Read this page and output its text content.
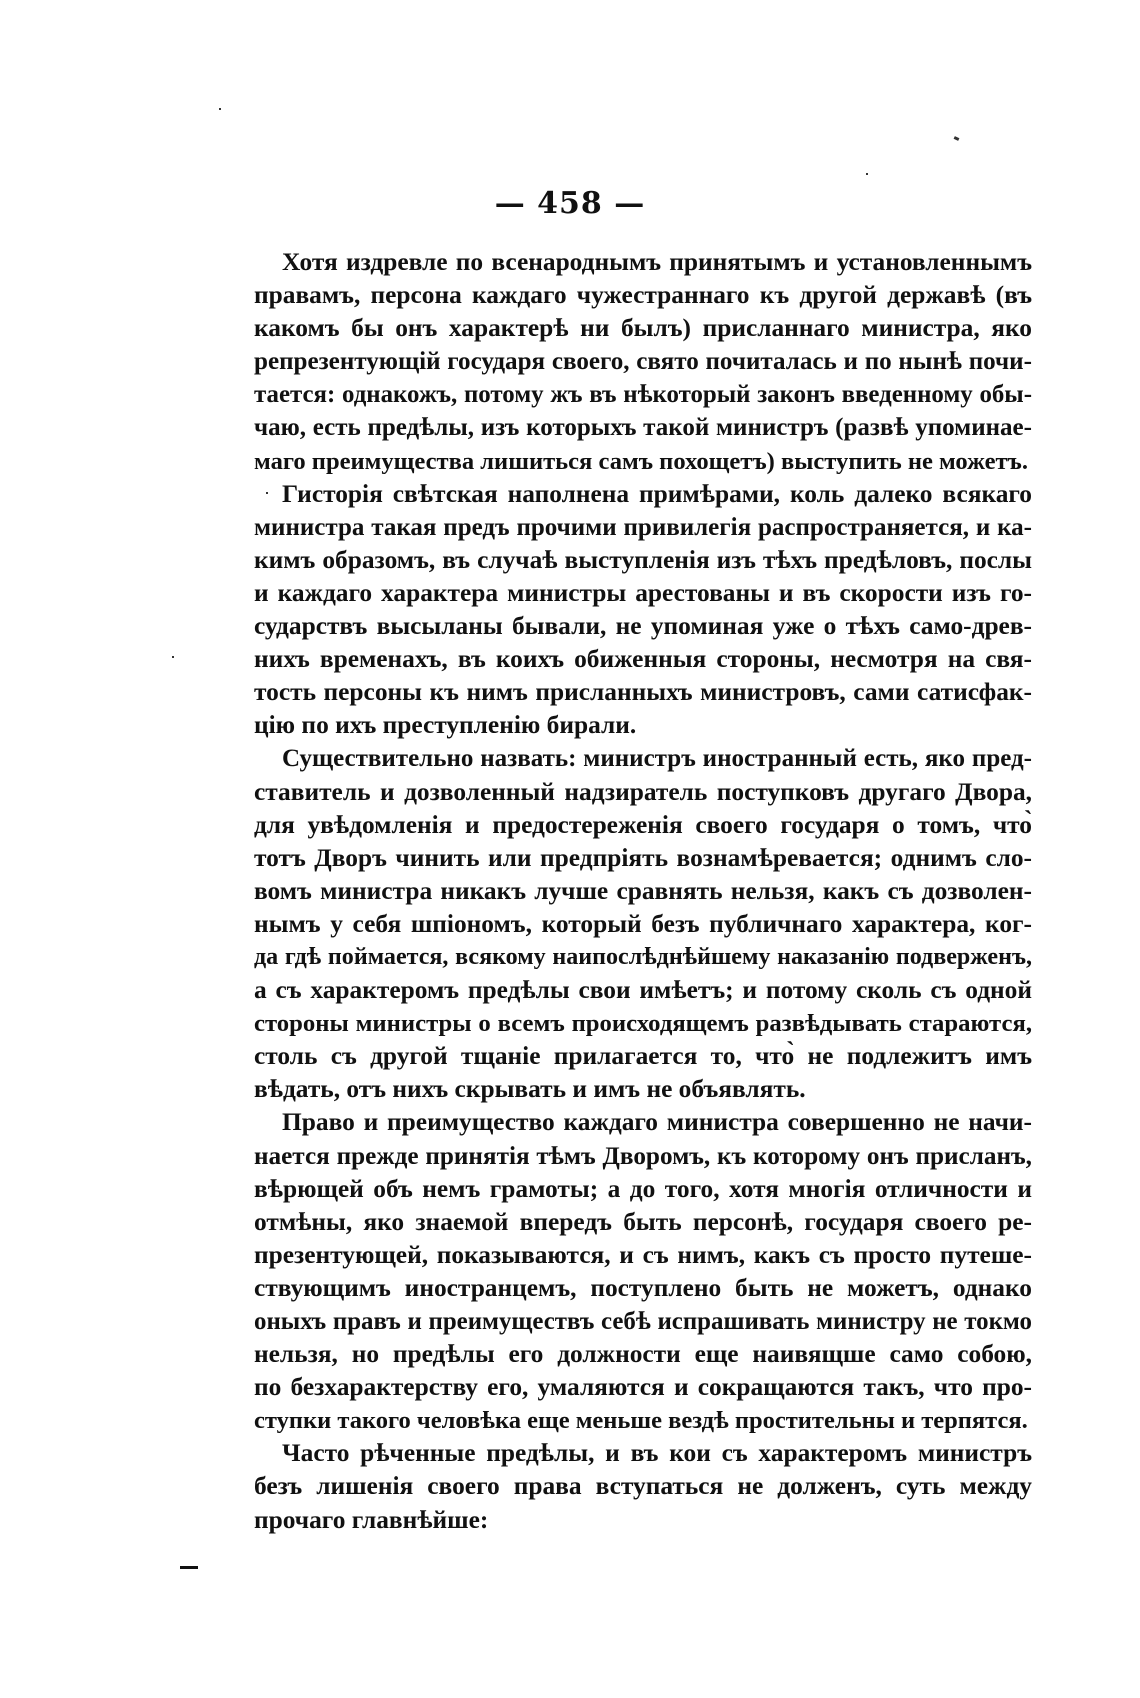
— 458 —
Хотя издревле по всенароднымъ принятымъ и установленнымъ
правамъ, персона каждаго чужестраннаго къ другой державѣ (въ
какомъ бы онъ характерѣ ни былъ) присланнаго министра, яко
репрезентующій государя своего, свято почиталась и по нынѣ почи-
тается: однакожъ, потому жъ въ нѣкоторый законъ введенному обы-
чаю, есть предѣлы, изъ которыхъ такой министръ (развѣ упоминае-
маго преимущества лишиться самъ похощетъ) выступить не можетъ.
Гисторія свѣтская наполнена примѣрами, коль далеко всякаго
министра такая предъ прочими привилегія распространяется, и ка-
кимъ образомъ, въ случаѣ выступленія изъ тѣхъ предѣловъ, послы
и каждаго характера министры арестованы и въ скорости изъ го-
сударствъ высыланы бывали, не упоминая уже о тѣхъ само-древ-
нихъ временахъ, въ коихъ обиженныя стороны, несмотря на свя-
тость персоны къ нимъ присланныхъ министровъ, сами сатисфак-
цію по ихъ преступленію бирали.
Существительно назвать: министръ иностранный есть, яко пред-
ставитель и дозволенный надзиратель поступковъ другаго Двора,
для увѣдомленія и предостереженія своего государя о томъ, что̀
тотъ Дворъ чинить или предпріять вознамѣревается; однимъ сло-
вомъ министра никакъ лучше сравнять нельзя, какъ съ дозволен-
нымъ у себя шпіономъ, который безъ публичнаго характера, ког-
да гдѣ поймается, всякому наипослѣднѣйшему наказанію подверженъ,
а съ характеромъ предѣлы свои имѣетъ; и потому сколь съ одной
стороны министры о всемъ происходящемъ развѣдывать стараются,
столь съ другой тщаніе прилагается то, что̀ не подлежитъ имъ
вѣдать, отъ нихъ скрывать и имъ не объявлять.
Право и преимущество каждаго министра совершенно не начи-
нается прежде принятія тѣмъ Дворомъ, къ которому онъ присланъ,
вѣрющей объ немъ грамоты; а до того, хотя многія отличности и
отмѣны, яко знаемой впередъ быть персонѣ, государя своего ре-
презентующей, показываются, и съ нимъ, какъ съ просто путеше-
ствующимъ иностранцемъ, поступлено быть не можетъ, однако
оныхъ правъ и преимуществъ себѣ испрашивать министру не токмо
нельзя, но предѣлы его должности еще наивящше само собою,
по безхарактерству его, умаляются и сокращаются такъ, что про-
ступки такого человѣка еще меньше вездѣ простительны и терпятся.
Часто рѣченные предѣлы, и въ кои съ характеромъ министръ
безъ лишенія своего права вступаться не долженъ, суть между
прочаго главнѣйше:
